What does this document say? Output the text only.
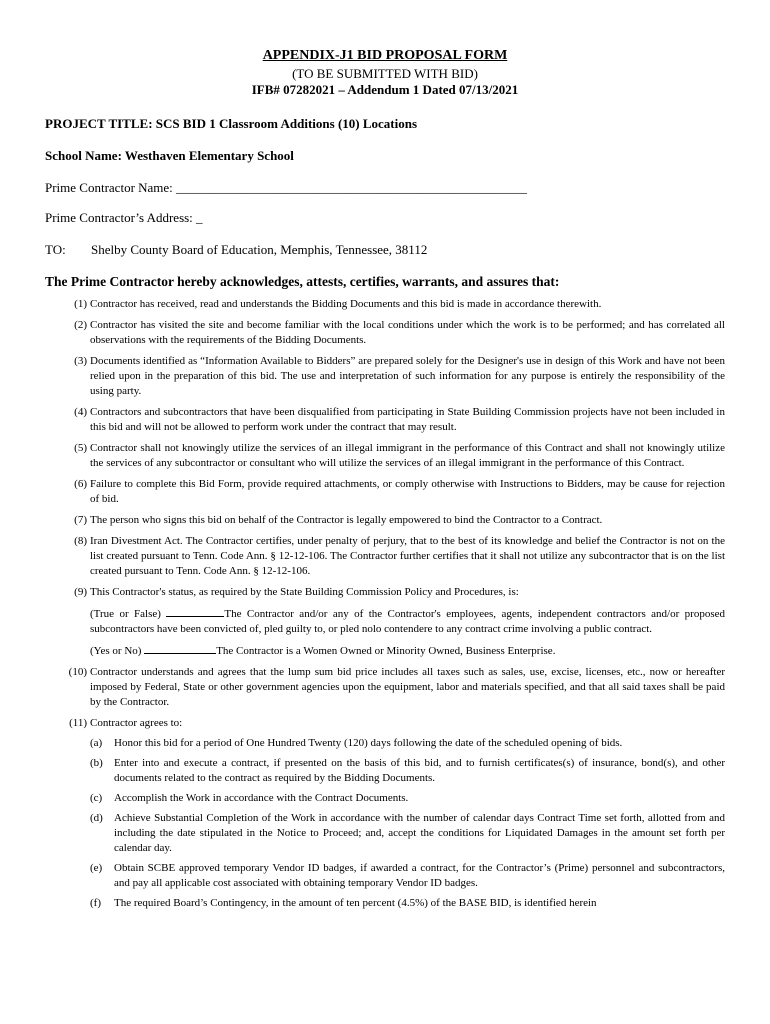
APPENDIX-J1 BID PROPOSAL FORM
(TO BE SUBMITTED WITH BID)
IFB# 07282021 – Addendum 1 Dated 07/13/2021
PROJECT TITLE: SCS BID 1 Classroom Additions (10) Locations
School Name: Westhaven Elementary School
Prime Contractor Name: ______________________________________________________
Prime Contractor’s Address: _
TO: Shelby County Board of Education, Memphis, Tennessee, 38112
The Prime Contractor hereby acknowledges, attests, certifies, warrants, and assures that:
(1) Contractor has received, read and understands the Bidding Documents and this bid is made in accordance therewith.
(2) Contractor has visited the site and become familiar with the local conditions under which the work is to be performed; and has correlated all observations with the requirements of the Bidding Documents.
(3) Documents identified as “Information Available to Bidders” are prepared solely for the Designer's use in design of this Work and have not been relied upon in the preparation of this bid. The use and interpretation of such information for any purpose is entirely the responsibility of the using party.
(4) Contractors and subcontractors that have been disqualified from participating in State Building Commission projects have not been included in this bid and will not be allowed to perform work under the contract that may result.
(5) Contractor shall not knowingly utilize the services of an illegal immigrant in the performance of this Contract and shall not knowingly utilize the services of any subcontractor or consultant who will utilize the services of an illegal immigrant in the performance of this Contract.
(6) Failure to complete this Bid Form, provide required attachments, or comply otherwise with Instructions to Bidders, may be cause for rejection of bid.
(7) The person who signs this bid on behalf of the Contractor is legally empowered to bind the Contractor to a Contract.
(8) Iran Divestment Act. The Contractor certifies, under penalty of perjury, that to the best of its knowledge and belief the Contractor is not on the list created pursuant to Tenn. Code Ann. § 12-12-106. The Contractor further certifies that it shall not utilize any subcontractor that is on the list created pursuant to Tenn. Code Ann. § 12-12-106.
(9) This Contractor's status, as required by the State Building Commission Policy and Procedures, is:
(True or False)	The Contractor and/or any of the Contractor's employees, agents, independent contractors and/or proposed subcontractors have been convicted of, pled guilty to, or pled nolo contendere to any contract crime involving a public contract.
(Yes or No)	The Contractor is a Women Owned or Minority Owned, Business Enterprise.
(10) Contractor understands and agrees that the lump sum bid price includes all taxes such as sales, use, excise, licenses, etc., now or hereafter imposed by Federal, State or other government agencies upon the equipment, labor and materials specified, and that all said taxes shall be paid by the Contractor.
(11) Contractor agrees to:
(a)	Honor this bid for a period of One Hundred Twenty (120) days following the date of the scheduled opening of bids.
(b)	Enter into and execute a contract, if presented on the basis of this bid, and to furnish certificates(s) of insurance, bond(s), and other documents related to the contract as required by the Bidding Documents.
(c)	Accomplish the Work in accordance with the Contract Documents.
(d)	Achieve Substantial Completion of the Work in accordance with the number of calendar days Contract Time set forth, allotted from and including the date stipulated in the Notice to Proceed; and, accept the conditions for Liquidated Damages in the amount set forth per calendar day.
(e)	Obtain SCBE approved temporary Vendor ID badges, if awarded a contract, for the Contractor’s (Prime) personnel and subcontractors, and pay all applicable cost associated with obtaining temporary Vendor ID badges.
(f)	The required Board’s Contingency, in the amount of ten percent (4.5%) of the BASE BID, is identified herein
